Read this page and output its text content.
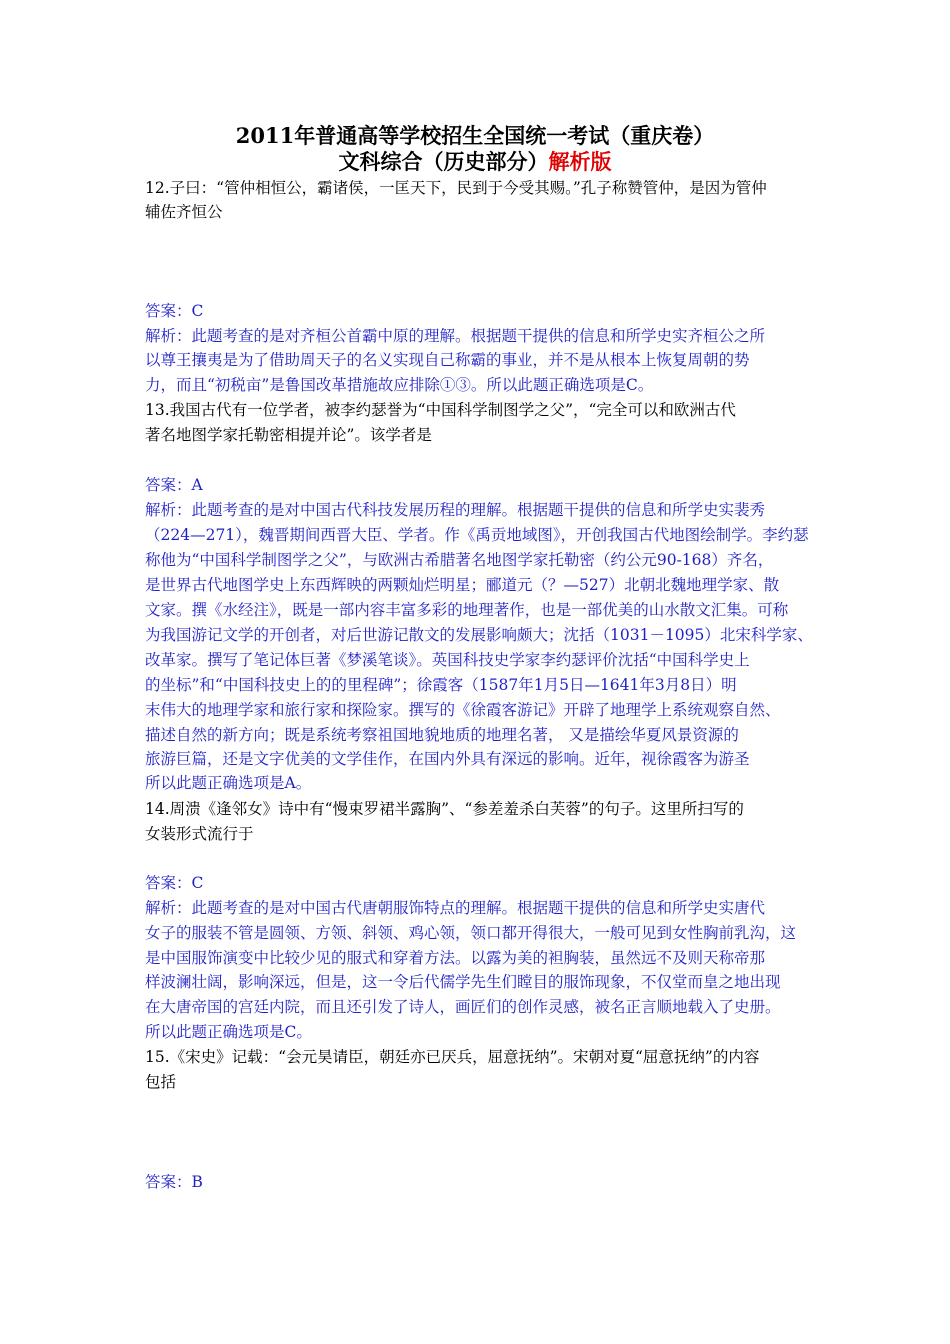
2011年普通高等学校招生全国统一考试（重庆卷）
文科综合（历史部分）解析版
12.子曰：“管仲相恒公，霸诸侯，一匡天下，民到于今受其赐。”孔子称赞管仲，是因为管仲
辅佐齐恒公
答案：C
解析：此题考查的是对齐桓公首霸中原的理解。根据题干提供的信息和所学史实齐桓公之所
以尊王攘夷是为了借助周天子的名义实现自己称霸的事业，并不是从根本上恢复周朝的势
力，而且“初税亩”是鲁国改革措施故应排除①③。所以此题正确选项是C。
13.我国古代有一位学者，被李约瑟誉为“中国科学制图学之父”，“完全可以和欧洲古代
著名地图学家托勒密相提并论”。该学者是
答案：A
解析：此题考查的是对中国古代科技发展历程的理解。根据题干提供的信息和所学史实裴秀
（224—271），魏晋期间西晋大臣、学者。作《禹贡地域图》，开创我国古代地图绘制学。李约瑟
称他为“中国科学制图学之父”，与欧洲古希腊著名地图学家托勒密（约公元90-168）齐名，
是世界古代地图学史上东西辉映的两颗灿烂明星；郦道元（？—527）北朝北魏地理学家、散
文家。撰《水经注》，既是一部内容丰富多彩的地理著作，也是一部优美的山水散文汇集。可称
为我国游记文学的开创者，对后世游记散文的发展影响颇大；沈括（1031－1095）北宋科学家、
改革家。撰写了笔记体巨著《梦溪笔谈》。英国科技史学家李约瑟评价沈括“中国科学史上
的坐标”和“中国科技史上的的里程碑”；徐霞客（1587年1月5日—1641年3月8日）明
末伟大的地理学家和旅行家和探险家。撰写的《徐霞客游记》开辟了地理学上系统观察自然、
描述自然的新方向；既是系统考察祖国地貌地质的地理名著， 又是描绘华夏风景资源的
旅游巨篇，还是文字优美的文学佳作，在国内外具有深远的影响。近年，视徐霞客为游圣
所以此题正确选项是A。
14.周溃《逢邻女》诗中有“慢束罗裙半露胸”、“参差羞杀白芙蓉”的句子。这里所扫写的
女装形式流行于
答案：C
解析：此题考查的是对中国古代唐朝服饰特点的理解。根据题干提供的信息和所学史实唐代
女子的服装不管是圆领、方领、斜领、鸡心领，领口都开得很大，一般可见到女性胸前乳沟，这
是中国服饰演变中比较少见的服式和穿着方法。以露为美的袒胸装，虽然远不及则天称帝那
样波澜壮阔，影响深远，但是，这一令后代儒学先生们瞠目的服饰现象，不仅堂而皇之地出现
在大唐帝国的宫廷内院，而且还引发了诗人，画匠们的创作灵感，被名正言顺地载入了史册。
所以此题正确选项是C。
15.《宋史》记载：“会元昊请臣，朝廷亦已厌兵，屈意抚纳”。宋朝对夏“屈意抚纳”的内容
包括
答案：B
